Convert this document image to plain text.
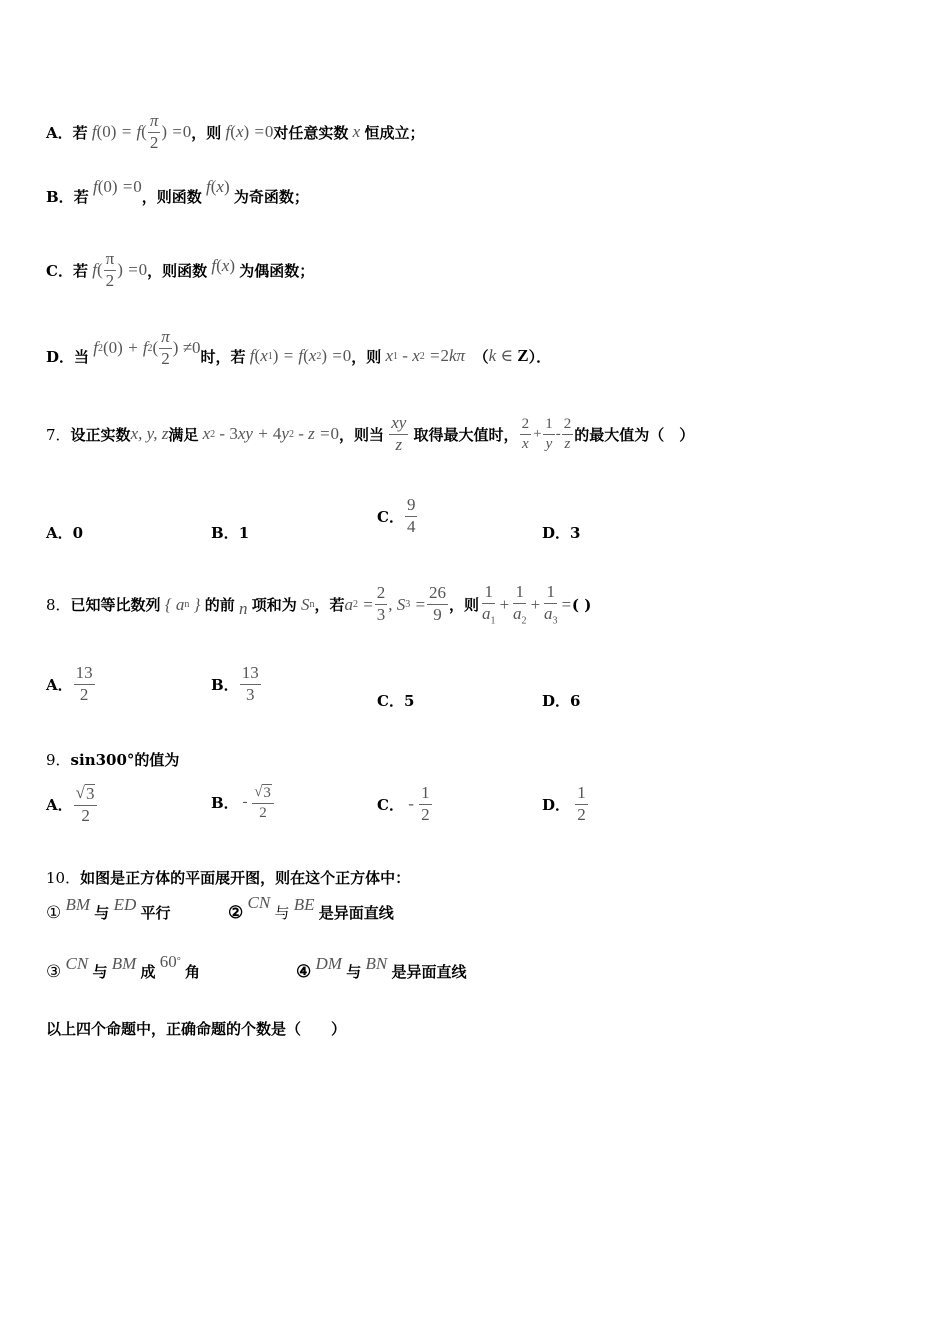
A． 若 f (0) = f ( $\frac{\pi}{2}$ ) = 0 ，则 f ( x ) = 0 对任意实数 x 恒成立；
B． 若
f (0) = 0
，则函数
f ( x )

为奇函数；
C． 若 f ( $\frac{\pi}{2}$ ) = 0 ，则函数 f ( x )
为偶函数；
D． 当 f 2 (0) + f 2 ( $\frac{\pi}{2}$ ) ≠ 0 时，若 f ( x 1 ) = f ( x 2 ) = 0 ，则 x 1 - x 2 = 2 kπ （ k ∈ Z ）．
7． 设正实数 x, y, z 满足 x 2 - 3 xy + 4 y 2 - z = 0 ，则当
$\frac{xy}{z}$
取得最大值时， $\frac{2}{x} + \frac{1}{y} - \frac{2}{z}$ 的最大值为（　）
A．0	B．1
C． $\frac{9}{4}$	D．3
8． 已知等比数列 { a n } 的前 n 项和为 S n ，若 a $2 = \frac{2}{3}$ , S $3 = \frac{26}{9}$ ，则 $\frac{1}{a_1} + \frac{1}{a_2} + \frac{1}{a_3}$ = ( )
A． $\frac{13}{2}$	B． $\frac{13}{3}$	C．5	D．6
9． sin300°的值为
A． $\frac{√ 3}{2}$	B． - $\frac{√ 3}{2}$	C． - $\frac{1}{2}$	D．
$\frac{1}{2}$
10． 如图是正方体的平面展开图，则在这个正方体中：
① BM 与 ED 平行	②
CN
与 BE 是异面直线
③ CN 与 BM 成
60 °

角	④ DM 与 BN 是异面直线
以上四个命题中，正确命题的个数是（　　）
